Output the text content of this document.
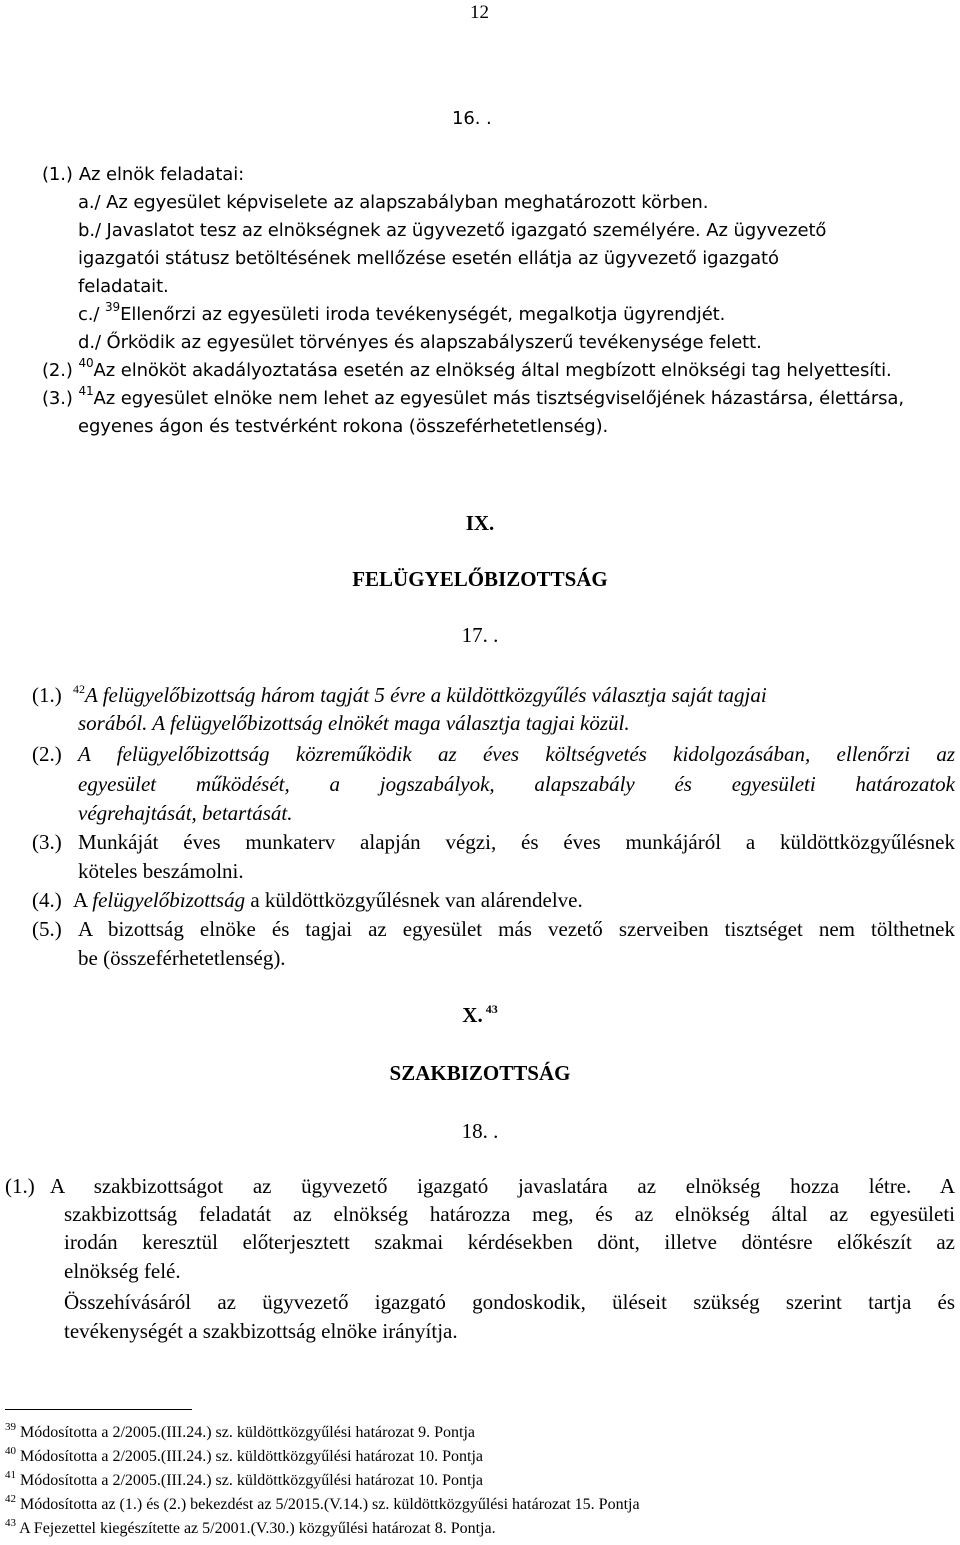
12
16. .
(1.) Az elnök feladatai:
a./ Az egyesület képviselete az alapszabályban meghatározott körben.
b./ Javaslatot tesz az elnökségnek az ügyvezető igazgató személyére. Az ügyvezető
igazgatói státusz betöltésének mellőzése esetén ellátja az ügyvezető igazgató
feladatait.
c./ $^{39}$Ellenőrzi az egyesületi iroda tevékenységét, megalkotja ügyrendjét.
d./ Őrködik az egyesület törvényes és alapszabályszerű tevékenysége felett.
(2.) $^{40}$Az elnököt akadályoztatása esetén az elnökség által megbízott elnökségi tag helyettesíti.
(3.) $^{41}$Az egyesület elnöke nem lehet az egyesület más tisztségviselőjének házastársa, élettársa,
egyenes ágon és testvérként rokona (összeférhetetlenség).
IX.
FELÜGYELŐBIZOTTSÁG
17. .
(1.) $^{42}$A felügyelőbizottság három tagját 5 évre a küldöttközgyűlés választja saját tagjai
sorából. A felügyelőbizottság elnökét maga választja tagjai közül.
(2.) A felügyelőbizottság közreműködik az éves költségvetés kidolgozásában, ellenőrzi az
egyesület működését, a jogszabályok, alapszabály és egyesületi határozatok
végrehajtását, betartását.
(3.) Munkáját éves munkaterv alapján végzi, és éves munkájáról a küldöttközgyűlésnek
köteles beszámolni.
(4.) A felügyelőbizottság a küldöttközgyűlésnek van alárendelve.
(5.) A bizottság elnöke és tagjai az egyesület más vezető szerveiben tisztséget nem tölthetnek
be (összeférhetetlenség).
X. $^{43}$
SZAKBIZOTTSÁG
18. .
(1.) A szakbizottságot az ügyvezető igazgató javaslatára az elnökség hozza létre. A
szakbizottság feladatát az elnökség határozza meg, és az elnökség által az egyesületi
irodán keresztül előterjesztett szakmai kérdésekben dönt, illetve döntésre előkészít az
elnökség felé.
Összehívásáról az ügyvezető igazgató gondoskodik, üléseit szükség szerint tartja és
tevékenységét a szakbizottság elnöke irányítja.
$^{39}$ Módosította a 2/2005.(III.24.) sz. küldöttközgyűlési határozat 9. Pontja
$^{40}$ Módosította a 2/2005.(III.24.) sz. küldöttközgyűlési határozat 10. Pontja
$^{41}$ Módosította a 2/2005.(III.24.) sz. küldöttközgyűlési határozat 10. Pontja
$^{42}$ Módosította az (1.) és (2.) bekezdést az 5/2015.(V.14.) sz. küldöttközgyűlési határozat 15. Pontja
$^{43}$ A Fejezettel kiegészítette az 5/2001.(V.30.) közgyűlési határozat 8. Pontja.
